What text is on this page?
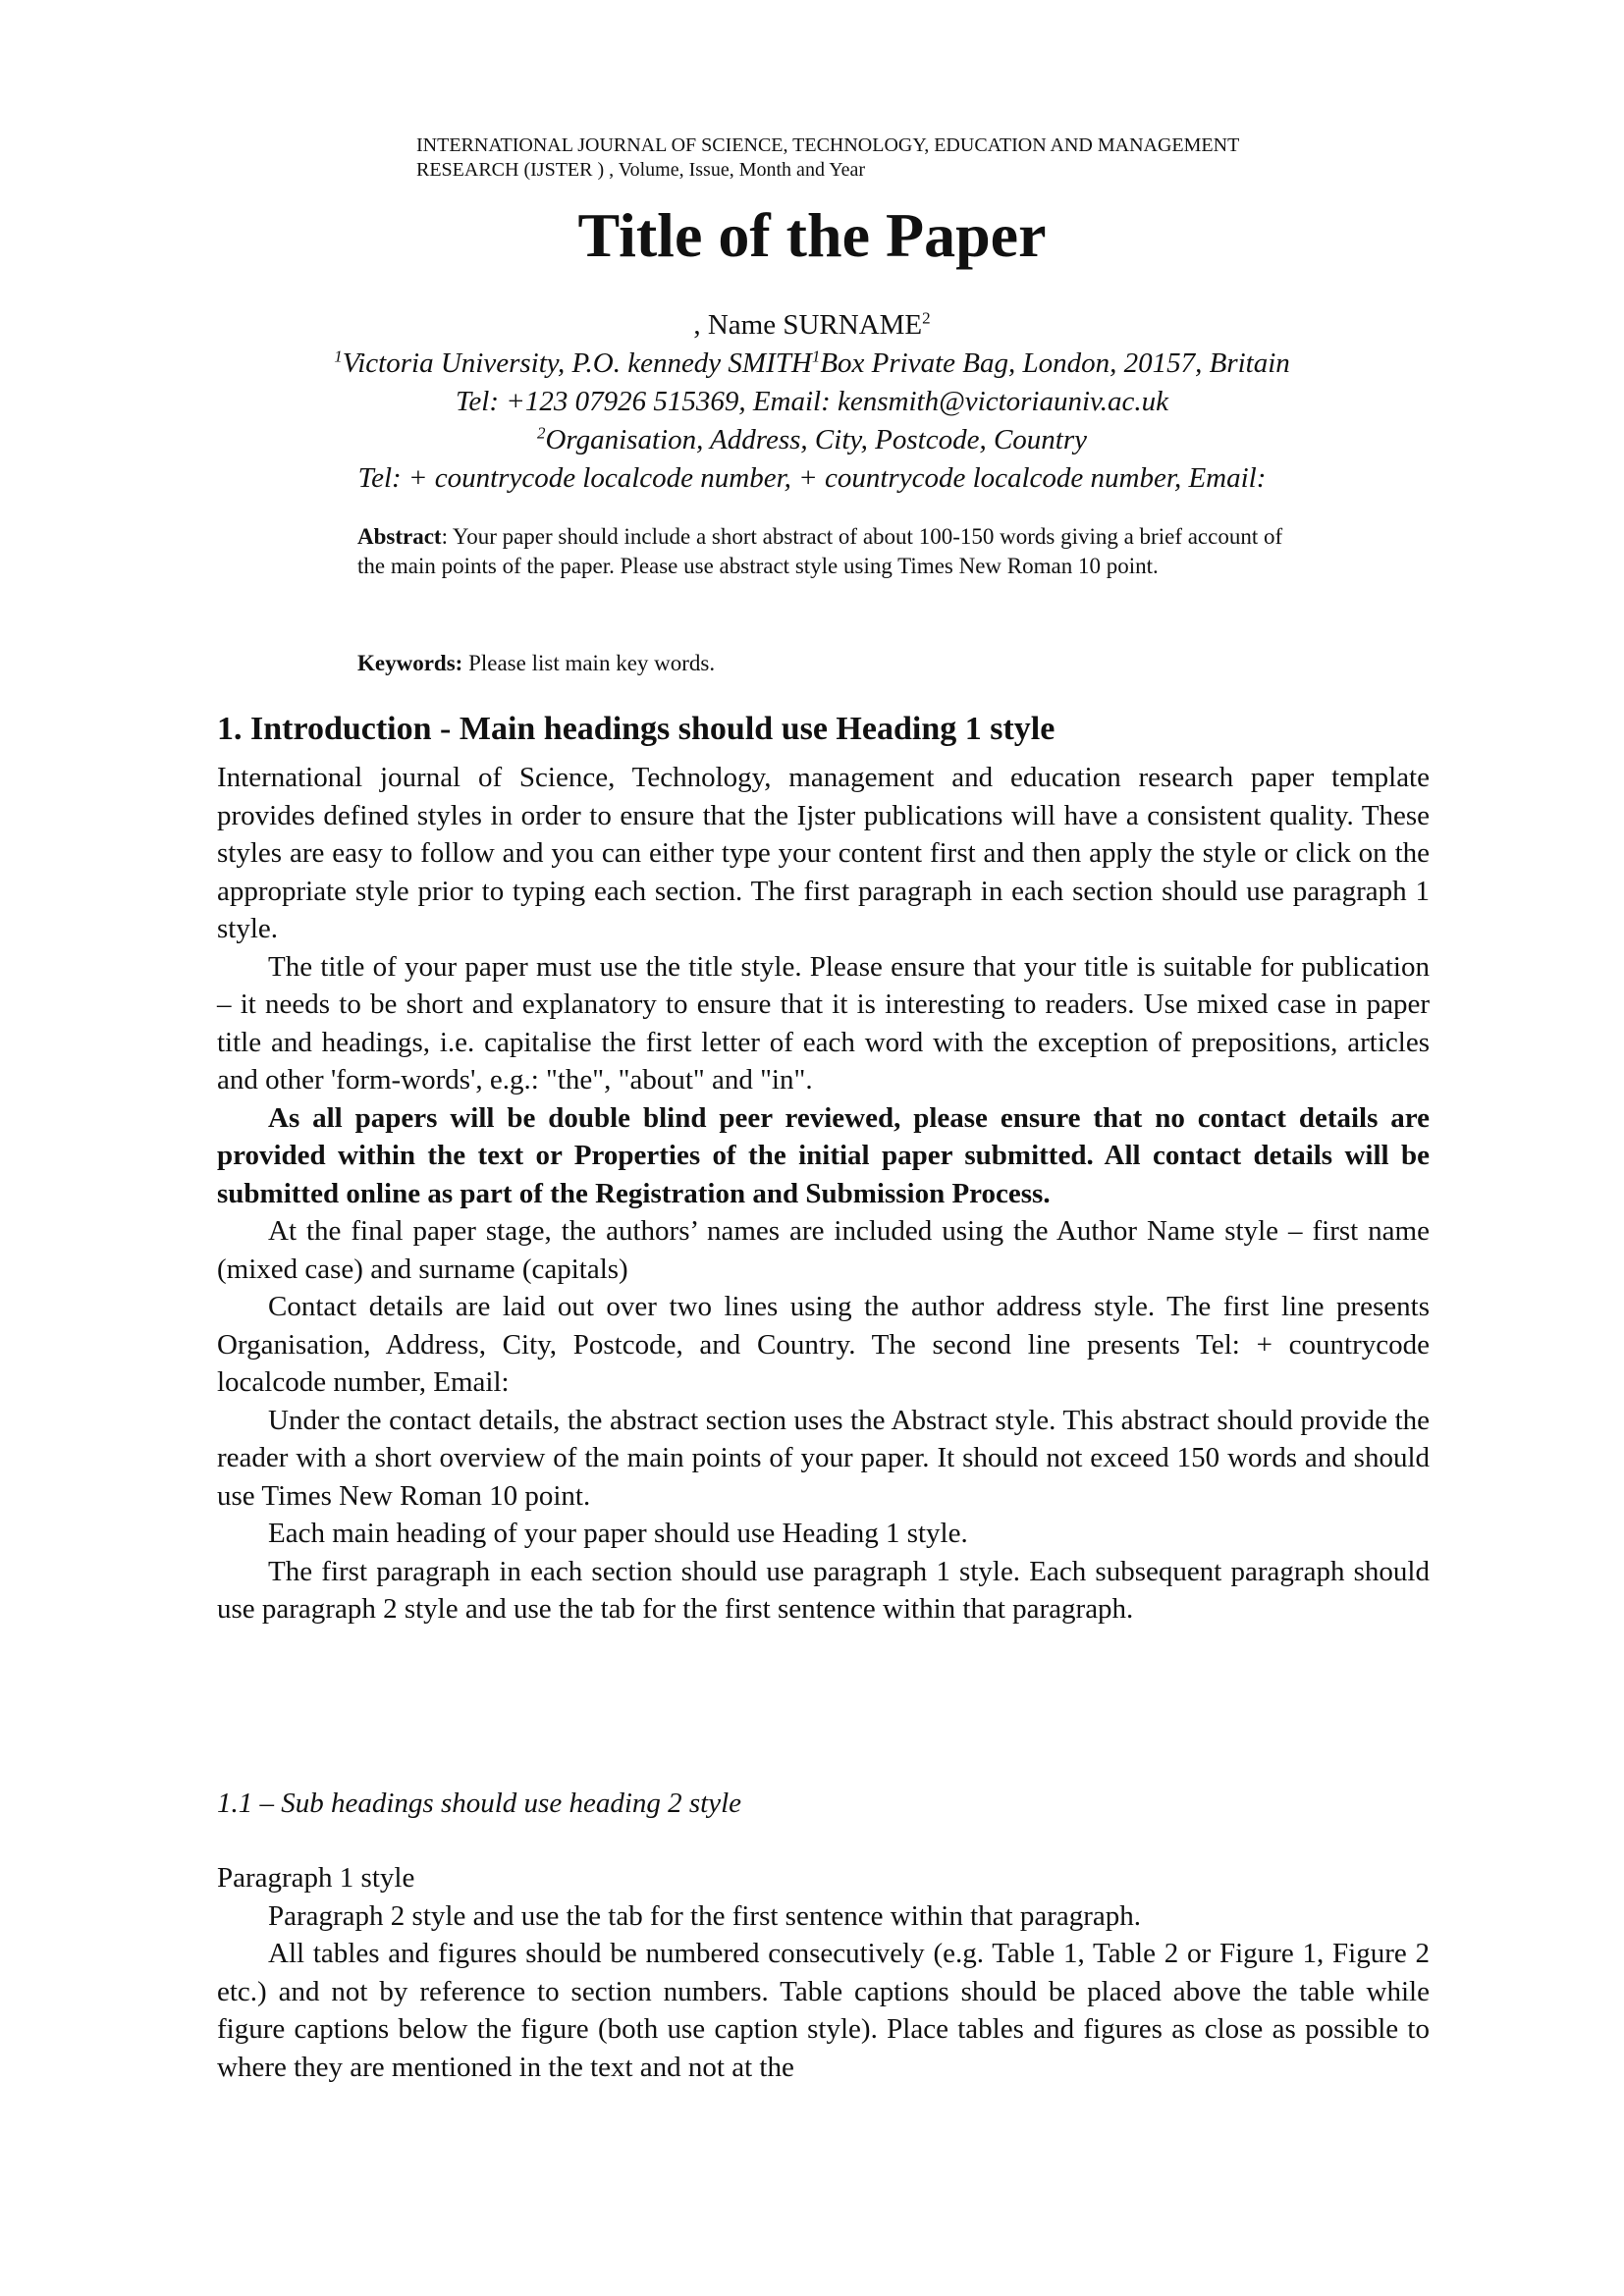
INTERNATIONAL JOURNAL OF SCIENCE, TECHNOLOGY, EDUCATION AND MANAGEMENT
RESEARCH (IJSTER ) , Volume, Issue, Month and Year
Title of the Paper
, Name SURNAME$^2$
$^1$Victoria University, P.O. kennedy SMITH$^1$Box Private Bag, London, 20157, Britain
Tel: +123 07926 515369, Email: kensmith@victoriauniv.ac.uk
$^2$Organisation, Address, City, Postcode, Country
Tel: + countrycode localcode number, + countrycode localcode number, Email:
Abstract: Your paper should include a short abstract of about 100-150 words giving a brief account of the main points of the paper. Please use abstract style using Times New Roman 10 point.
Keywords: Please list main key words.
1. Introduction - Main headings should use Heading 1 style

International journal of Science, Technology, management and education research paper template provides defined styles in order to ensure that the Ijster publications will have a consistent quality. These styles are easy to follow and you can either type your content first and then apply the style or click on the appropriate style prior to typing each section. The first paragraph in each section should use paragraph 1 style.

The title of your paper must use the title style. Please ensure that your title is suitable for publication – it needs to be short and explanatory to ensure that it is interesting to readers. Use mixed case in paper title and headings, i.e. capitalise the first letter of each word with the exception of prepositions, articles and other 'form-words', e.g.: "the", "about" and "in".

As all papers will be double blind peer reviewed, please ensure that no contact details are provided within the text or Properties of the initial paper submitted. All contact details will be submitted online as part of the Registration and Submission Process.

At the final paper stage, the authors’ names are included using the Author Name style – first name (mixed case) and surname (capitals)

Contact details are laid out over two lines using the author address style. The first line presents Organisation, Address, City, Postcode, and Country. The second line presents Tel: + countrycode localcode number, Email:

Under the contact details, the abstract section uses the Abstract style. This abstract should provide the reader with a short overview of the main points of your paper. It should not exceed 150 words and should use Times New Roman 10 point.

Each main heading of your paper should use Heading 1 style.

The first paragraph in each section should use paragraph 1 style. Each subsequent paragraph should use paragraph 2 style and use the tab for the first sentence within that paragraph.

1.1 – Sub headings should use heading 2 style

Paragraph 1 style

Paragraph 2 style and use the tab for the first sentence within that paragraph.

All tables and figures should be numbered consecutively (e.g. Table 1, Table 2 or Figure 1, Figure 2 etc.) and not by reference to section numbers. Table captions should be placed above the table while figure captions below the figure (both use caption style). Place tables and figures as close as possible to where they are mentioned in the text and not at the
